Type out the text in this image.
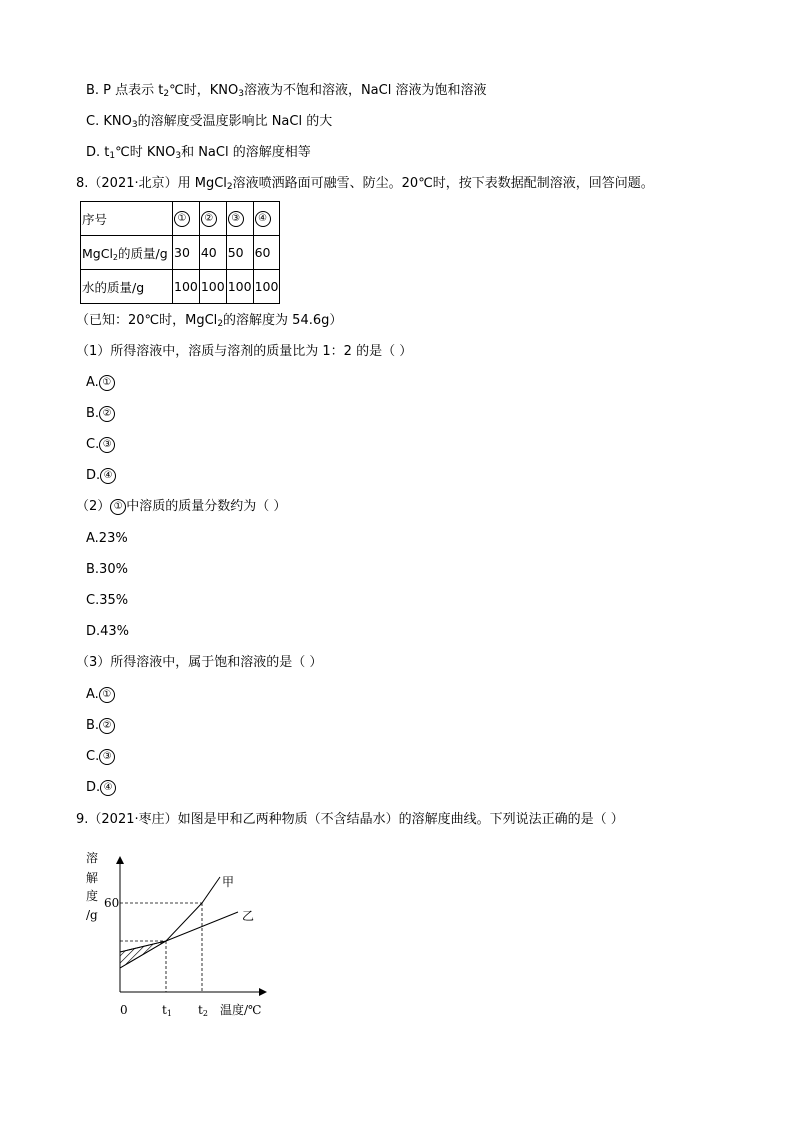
B. P 点表示 $t_2℃$时，$KNO_3$溶液为不饱和溶液，NaCl 溶液为饱和溶液
C. $KNO_3$的溶解度受温度影响比 NaCl 的大
D. $t_1℃$时 $KNO_3$和 NaCl 的溶解度相等
8.（2021·北京）用 MgCl$_2$溶液喷洒路面可融雪、防尘。20℃时，按下表数据配制溶液，回答问题。
序号	①	②	③	④
MgCl$_2$的质量/g	30	40	50	60
水的质量/g	100	100	100	100
（已知：20℃时，MgCl$_2$的溶解度为 54.6g）
（1）所得溶液中，溶质与溶剂的质量比为 1：2 的是（ ）
A. ①
B. ②
C. ③
D. ④
（2） ① 中溶质的质量分数约为（ ）
A.23%
B.30%
C.35%
D.43%
（3）所得溶液中，属于饱和溶液的是（ ）
A. ①
B. ②
C. ③
D. ④
9.（2021·枣庄）如图是甲和乙两种物质（不含结晶水）的溶解度曲线。下列说法正确的是（ ）
溶
解
度
/g
60
0	t1 t2 温度/℃
甲
乙
